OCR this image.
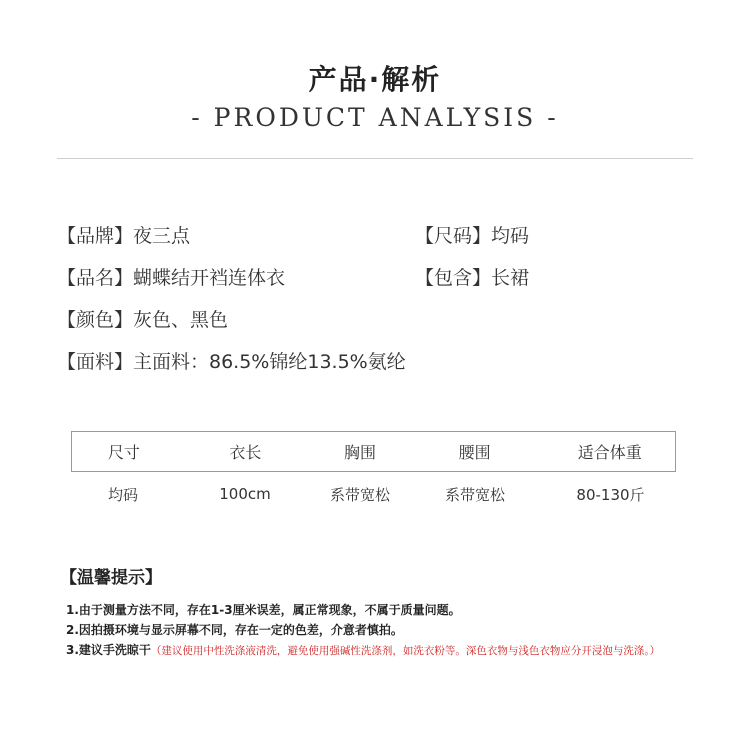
产品·解析
- PRODUCT ANALYSIS -
【品牌】夜三点	【尺码】均码
【品名】蝴蝶结开裆连体衣	【包含】长裙
【颜色】灰色、黑色
【面料】主面料：86.5%锦纶13.5%氨纶
尺寸	衣长	胸围	腰围	适合体重
均码	100cm	系带宽松	系带宽松	80-130斤
【温馨提示】
1.由于测量方法不同，存在1-3厘米误差，属正常现象，不属于质量问题。
2.因拍摄环境与显示屏幕不同，存在一定的色差，介意者慎拍。
3.建议手洗晾干（建议使用中性洗涤液清洗，避免使用强碱性洗涤剂，如洗衣粉等。深色衣物与浅色衣物应分开浸泡与洗涤。）
